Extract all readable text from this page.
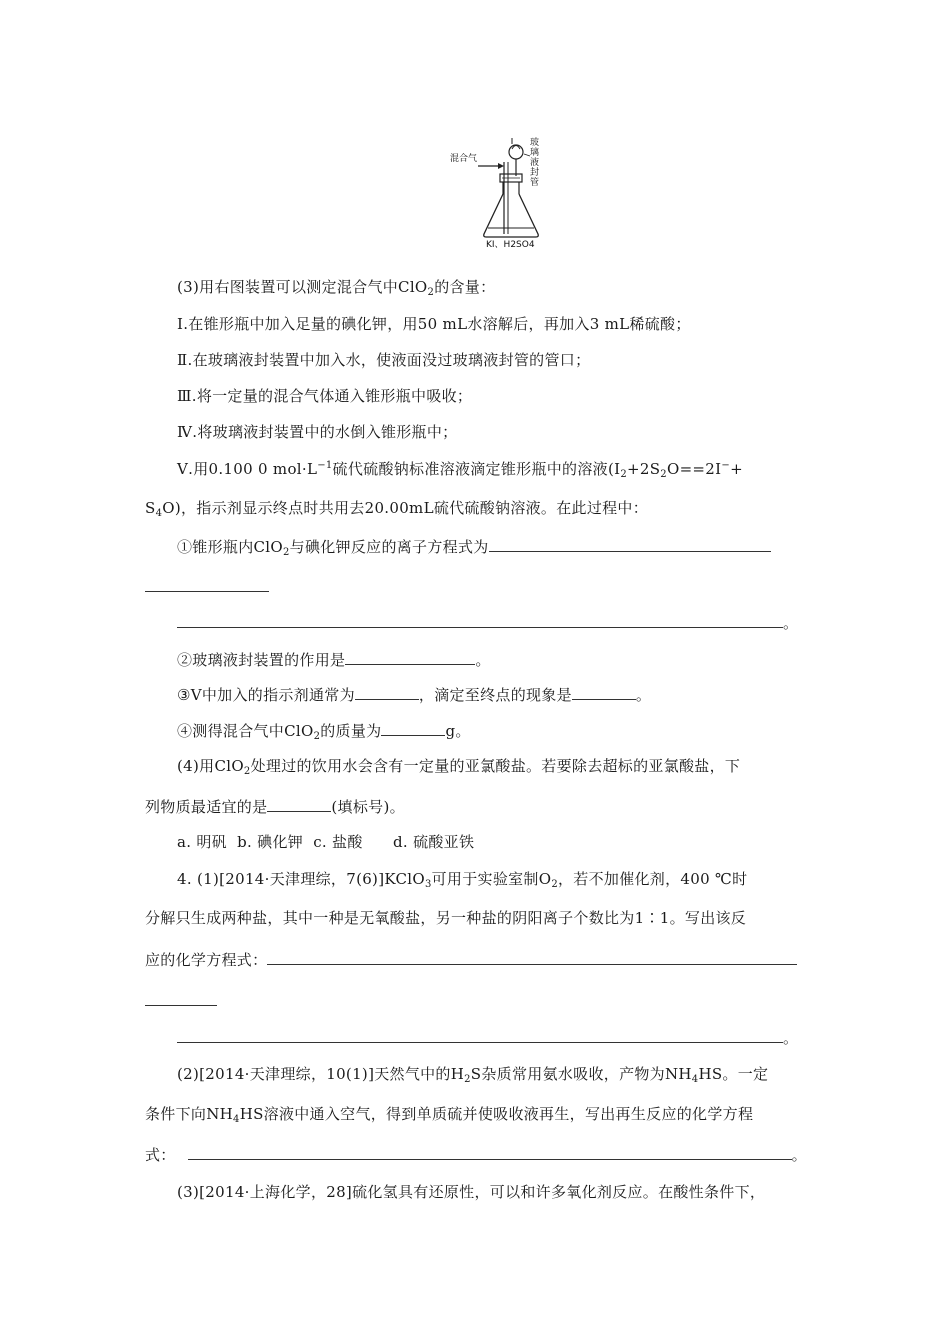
混合气
玻璃液封管
KI、H2SO4
(3)用右图装置可以测定混合气中ClO$_2$的含量：
Ⅰ.在锥形瓶中加入足量的碘化钾，用50 mL水溶解后，再加入3 mL稀硫酸；
Ⅱ.在玻璃液封装置中加入水，使液面没过玻璃液封管的管口；
Ⅲ.将一定量的混合气体通入锥形瓶中吸收；
Ⅳ.将玻璃液封装置中的水倒入锥形瓶中；
Ⅴ.用0.100 0 $mol\cdot L^{-1}$硫代硫酸钠标准溶液滴定锥形瓶中的溶液($I_2+2S_2O==2I^-+$
$S_4O$)，指示剂显示终点时共用去20.00mL硫代硫酸钠溶液。在此过程中：
①锥形瓶内ClO$_2$与碘化钾反应的离子方程式为
。
②玻璃液封装置的作用是	。
③V中加入的指示剂通常为	，滴定至终点的现象是	。
④测得混合气中ClO$_2$的质量为	g。
(4)用ClO$_2$处理过的饮用水会含有一定量的亚氯酸盐。若要除去超标的亚氯酸盐，下
列物质最适宜的是	(填标号)。
a. 明矾  b. 碘化钾  c. 盐酸      d. 硫酸亚铁
4. (1)[2014·天津理综，7(6)]KClO$_3$可用于实验室制$O_2$，若不加催化剂，400 ℃时
分解只生成两种盐，其中一种是无氧酸盐，另一种盐的阴阳离子个数比为1∶1。写出该反
应的化学方程式：
。
(2)[2014·天津理综，10(1)]天然气中的$H_2S$杂质常用氨水吸收，产物为$NH_4HS$。一定
条件下向$NH_4HS$溶液中通入空气，得到单质硫并使吸收液再生，写出再生反应的化学方程
式：	。
(3)[2014·上海化学，28]硫化氢具有还原性，可以和许多氧化剂反应。在酸性条件下，
